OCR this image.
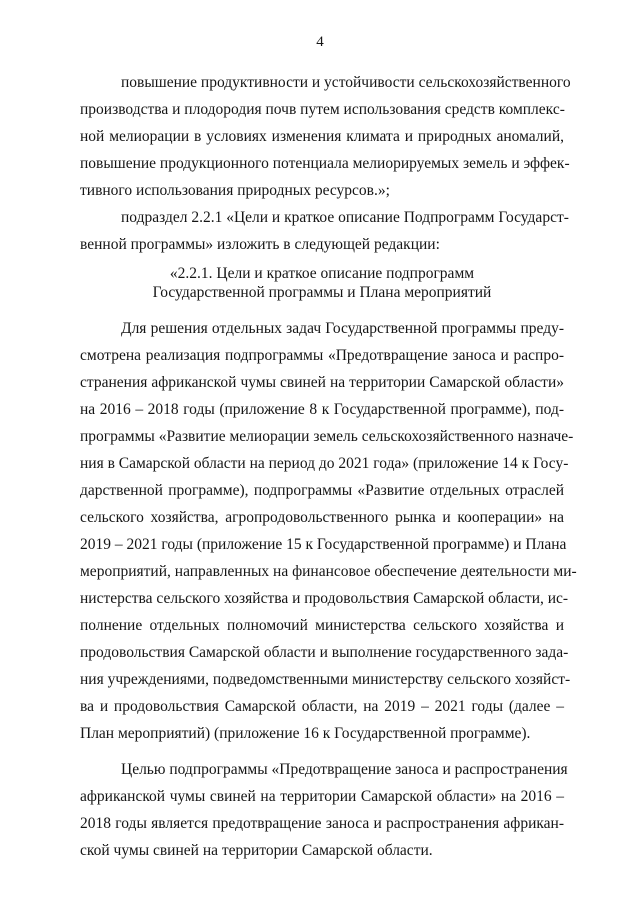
4
повышение продуктивности и устойчивости сельскохозяйственного
производства и плодородия почв путем использования средств комплекс-
ной мелиорации в условиях изменения климата и природных аномалий,
повышение продукционного потенциала мелиорируемых земель и эффек-
тивного использования природных ресурсов.»;
подраздел 2.2.1 «Цели и краткое описание Подпрограмм Государст-
венной программы» изложить в следующей редакции:
«2.2.1. Цели и краткое описание подпрограмм
Государственной программы и Плана мероприятий
Для решения отдельных задач Государственной программы преду-
смотрена реализация подпрограммы «Предотвращение заноса и распро-
странения африканской чумы свиней на территории Самарской области»
на 2016 – 2018 годы (приложение 8 к Государственной программе), под-
программы «Развитие мелиорации земель сельскохозяйственного назначе-
ния в Самарской области на период до 2021 года» (приложение 14 к Госу-
дарственной программе), подпрограммы «Развитие отдельных отраслей
сельского хозяйства, агропродовольственного рынка и кооперации» на
2019 – 2021 годы (приложение 15 к Государственной программе) и Плана
мероприятий, направленных на финансовое обеспечение деятельности ми-
нистерства сельского хозяйства и продовольствия Самарской области, ис-
полнение отдельных полномочий министерства сельского хозяйства и
продовольствия Самарской области и выполнение государственного зада-
ния учреждениями, подведомственными министерству сельского хозяйст-
ва и продовольствия Самарской области, на 2019 – 2021 годы (далее –
План мероприятий) (приложение 16 к Государственной программе).
Целью подпрограммы «Предотвращение заноса и распространения
африканской чумы свиней на территории Самарской области» на 2016 –
2018 годы является предотвращение заноса и распространения африкан-
ской чумы свиней на территории Самарской области.
